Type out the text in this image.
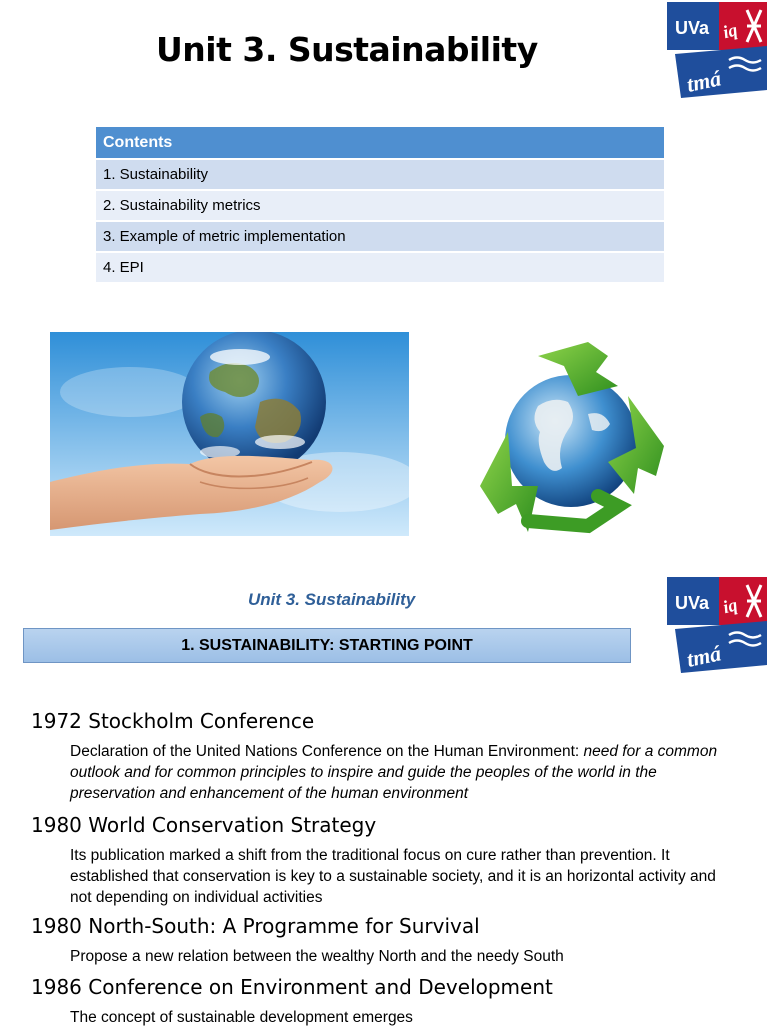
Unit 3. Sustainability
UVa iq
tmá
Contents
1. Sustainability
2. Sustainability metrics
3. Example of metric implementation
4. EPI
UVa iq
tmá
Unit 3. Sustainability
1. SUSTAINABILITY: STARTING POINT

1972 Stockholm Conference

Declaration of the United Nations Conference on the Human Environment: need for a common outlook and for common principles to inspire and guide the peoples of the world in the preservation and enhancement of the human environment

1980 World Conservation Strategy

Its publication marked a shift from the traditional focus on cure rather than prevention. It established that conservation is key to a sustainable society, and it is an horizontal activity and not depending on individual activities

1980 North-South: A Programme for Survival

Propose a new relation between the wealthy North and the needy South

1986 Conference on Environment and Development

The concept of sustainable development emerges
